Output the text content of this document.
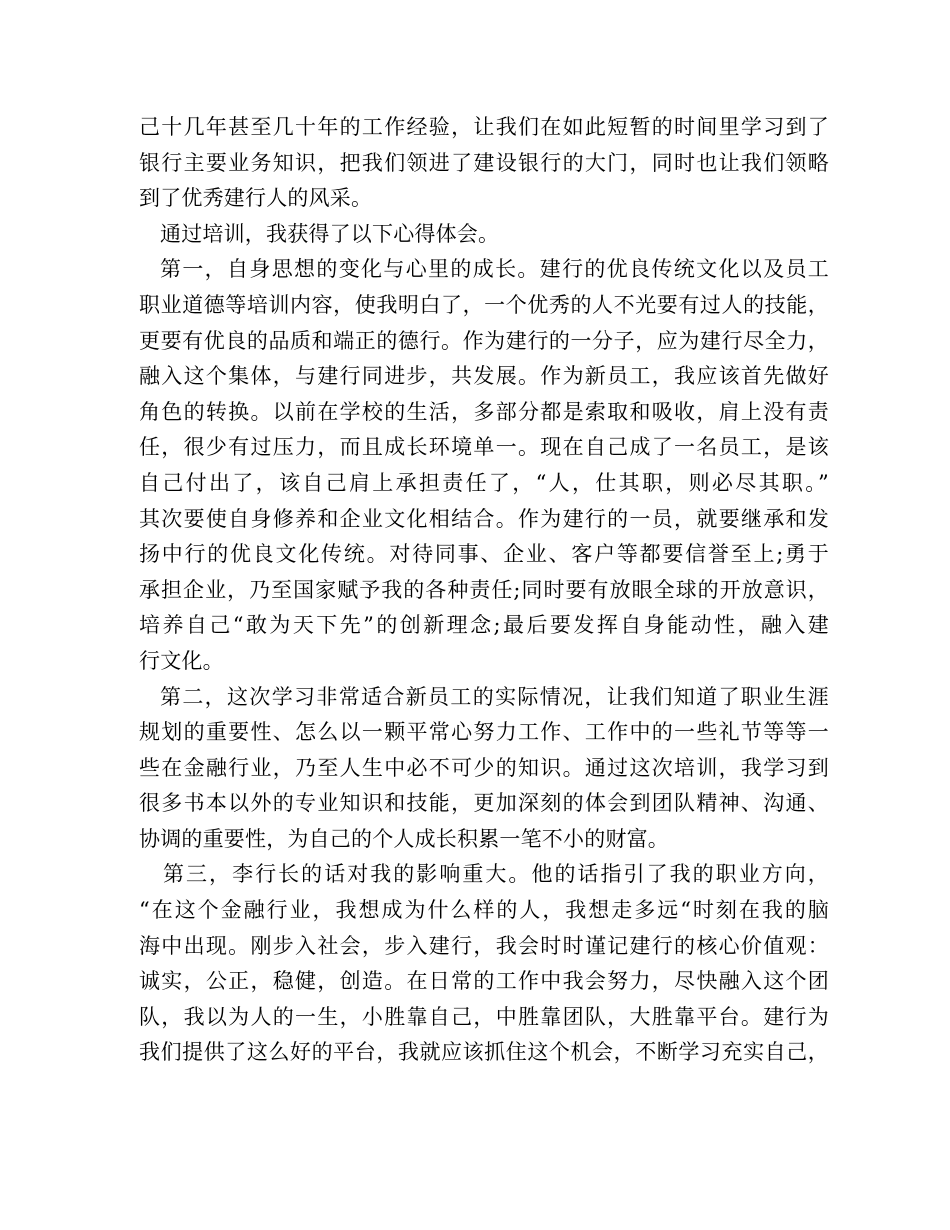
己十几年甚至几十年的工作经验，让我们在如此短暂的时间里学习到了
银行主要业务知识，把我们领进了建设银行的大门，同时也让我们领略
到了优秀建行人的风采。
通过培训，我获得了以下心得体会。
第一，自身思想的变化与心里的成长。建行的优良传统文化以及员工
职业道德等培训内容，使我明白了，一个优秀的人不光要有过人的技能，
更要有优良的品质和端正的德行。作为建行的一分子，应为建行尽全力，
融入这个集体，与建行同进步，共发展。作为新员工，我应该首先做好
角色的转换。以前在学校的生活，多部分都是索取和吸收，肩上没有责
任，很少有过压力，而且成长环境单一。现在自己成了一名员工，是该
自己付出了，该自己肩上承担责任了，“人，仕其职，则必尽其职。”
其次要使自身修养和企业文化相结合。作为建行的一员，就要继承和发
扬中行的优良文化传统。对待同事、企业、客户等都要信誉至上;勇于
承担企业，乃至国家赋予我的各种责任;同时要有放眼全球的开放意识，
培养自己“敢为天下先”的创新理念;最后要发挥自身能动性，融入建
行文化。
第二，这次学习非常适合新员工的实际情况，让我们知道了职业生涯
规划的重要性、怎么以一颗平常心努力工作、工作中的一些礼节等等一
些在金融行业，乃至人生中必不可少的知识。通过这次培训，我学习到
很多书本以外的专业知识和技能，更加深刻的体会到团队精神、沟通、
协调的重要性，为自己的个人成长积累一笔不小的财富。
第三，李行长的话对我的影响重大。他的话指引了我的职业方向，
“在这个金融行业，我想成为什么样的人，我想走多远“时刻在我的脑
海中出现。刚步入社会，步入建行，我会时时谨记建行的核心价值观：
诚实，公正，稳健，创造。在日常的工作中我会努力，尽快融入这个团
队，我以为人的一生，小胜靠自己，中胜靠团队，大胜靠平台。建行为
我们提供了这么好的平台，我就应该抓住这个机会，不断学习充实自己，
